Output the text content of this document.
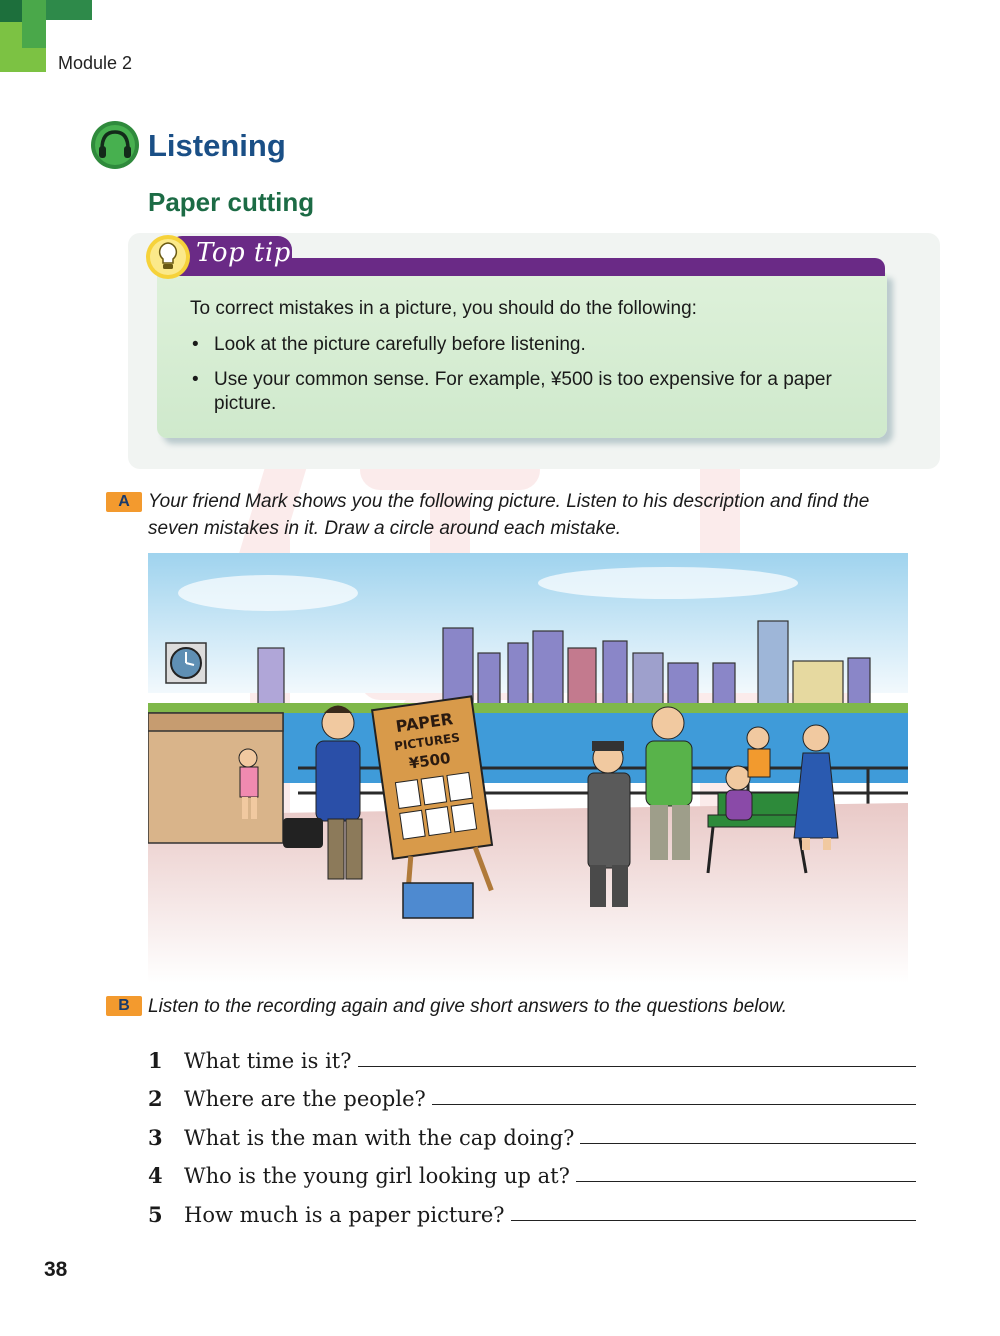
Module 2
Listening
Paper cutting
Top tip
To correct mistakes in a picture, you should do the following:
• Look at the picture carefully before listening.
• Use your common sense. For example, ¥500 is too expensive for a paper picture.
A Your friend Mark shows you the following picture. Listen to his description and find the seven mistakes in it. Draw a circle around each mistake.
PAPER
PICTURES
¥500
B Listen to the recording again and give short answers to the questions below.
1	What time is it?
2	Where are the people?
3	What is the man with the cap doing?
4	Who is the young girl looking up at?
5	How much is a paper picture?
38
